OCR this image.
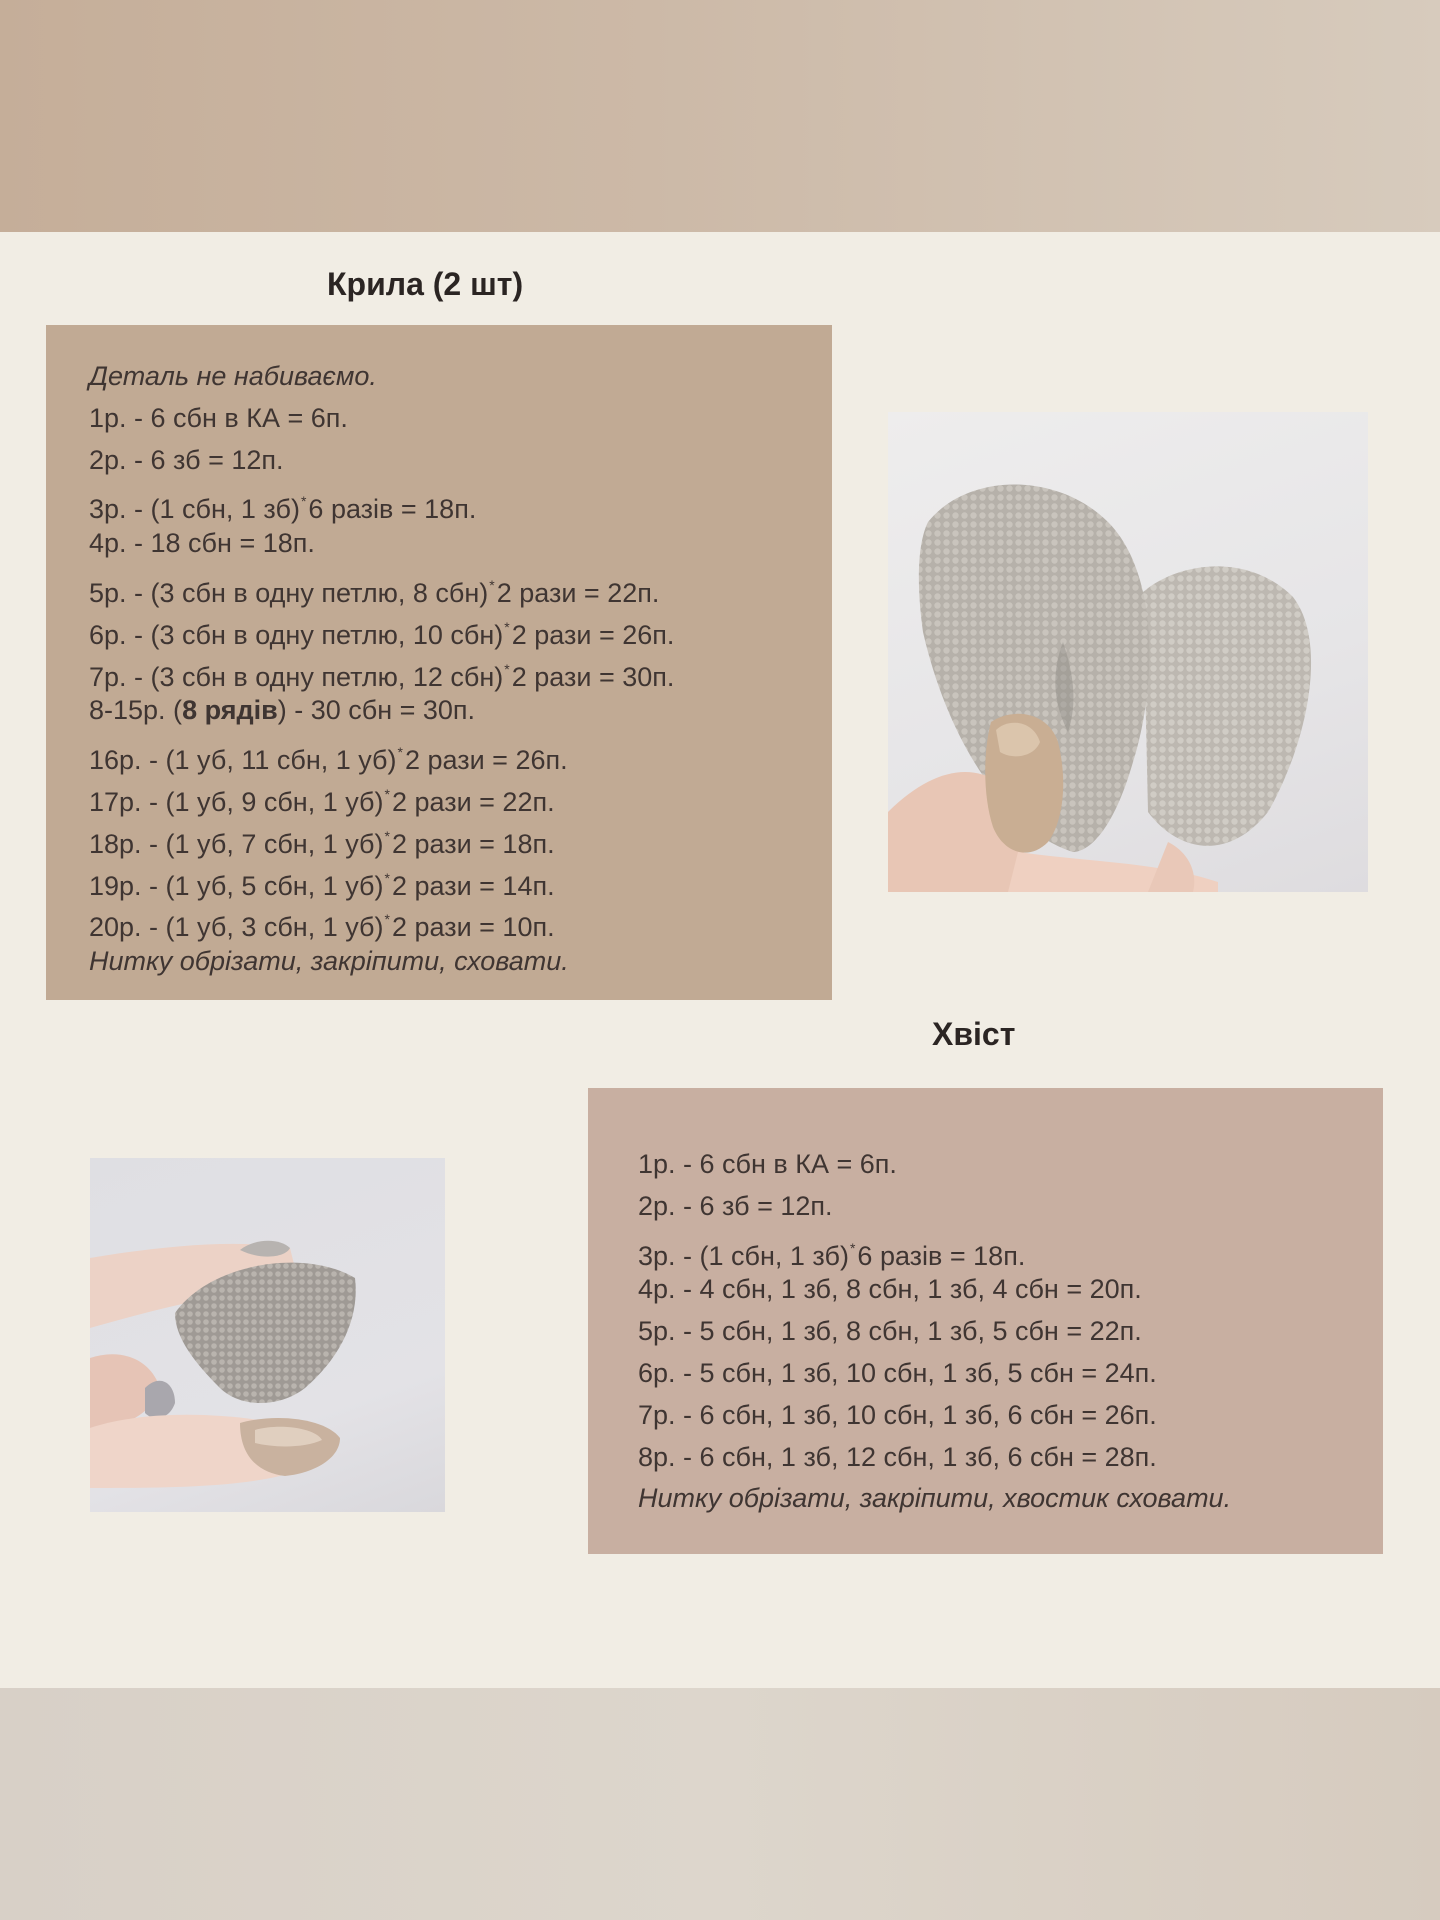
Крила (2 шт)
Деталь не набиваємо.
1р. - 6 сбн в КА = 6п.
2р. - 6 зб = 12п.
3р. - (1 сбн, 1 зб)*6 разів = 18п.
4р. - 18 сбн = 18п.
5р. - (3 сбн в одну петлю, 8 сбн)*2 рази = 22п.
6р. - (3 сбн в одну петлю, 10 сбн)*2 рази = 26п.
7р. - (3 сбн в одну петлю, 12 сбн)*2 рази = 30п.
8-15р. (8 рядів) - 30 сбн = 30п.
16р. - (1 уб, 11 сбн, 1 уб)*2 рази = 26п.
17р. - (1 уб, 9 сбн, 1 уб)*2 рази = 22п.
18р. - (1 уб, 7 сбн, 1 уб)*2 рази = 18п.
19р. - (1 уб, 5 сбн, 1 уб)*2 рази = 14п.
20р. - (1 уб, 3 сбн, 1 уб)*2 рази = 10п.
Нитку обрізати, закріпити, сховати.
Хвіст
1р. - 6 сбн в КА = 6п.
2р. - 6 зб = 12п.
3р. - (1 сбн, 1 зб)*6 разів = 18п.
4р. - 4 сбн, 1 зб, 8 сбн, 1 зб, 4 сбн = 20п.
5р. - 5 сбн, 1 зб, 8 сбн, 1 зб, 5 сбн = 22п.
6р. - 5 сбн, 1 зб, 10 сбн, 1 зб, 5 сбн = 24п.
7р. - 6 сбн, 1 зб, 10 сбн, 1 зб, 6 сбн = 26п.
8р. - 6 сбн, 1 зб, 12 сбн, 1 зб, 6 сбн = 28п.
Нитку обрізати, закріпити, хвостик сховати.
